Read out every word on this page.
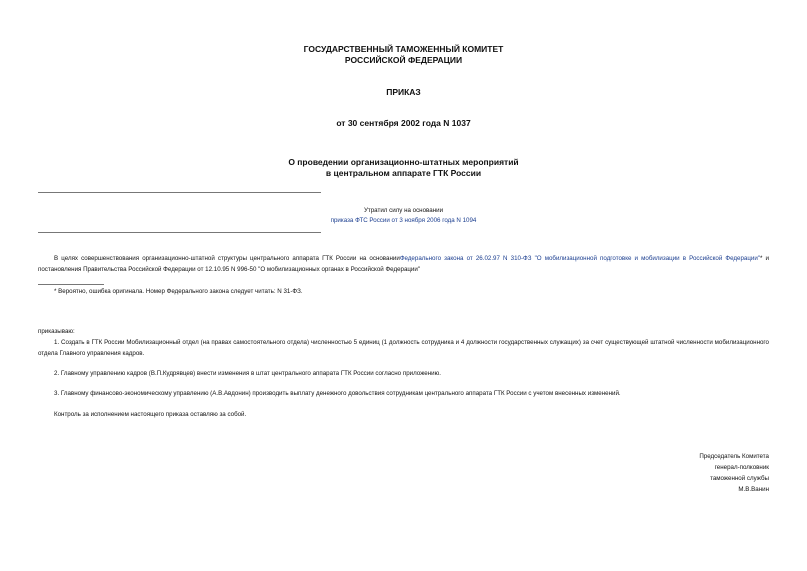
ГОСУДАРСТВЕННЫЙ ТАМОЖЕННЫЙ КОМИТЕТ
РОССИЙСКОЙ ФЕДЕРАЦИИ
ПРИКАЗ
от 30 сентября 2002 года N 1037
О проведении организационно-штатных мероприятий
в центральном аппарате ГТК России
Утратил силу на основании
приказа ФТС России от 3 ноября 2006 года N 1094
В целях совершенствования организационно-штатной структуры центрального аппарата ГТК России на основанииФедерального закона от 26.02.97 N 310-ФЗ "О мобилизационной подготовке и мобилизации в Российской Федерации"* и постановления Правительства Российской Федерации от 12.10.95 N 996-50 "О мобилизационных органах в Российской Федерации"
* Вероятно, ошибка оригинала. Номер Федерального закона следует читать: N 31-ФЗ.
приказываю:
1. Создать в ГТК России Мобилизационный отдел (на правах самостоятельного отдела) численностью 5 единиц (1 должность сотрудника и 4 должности государственных служащих) за счет существующей штатной численности мобилизационного отдела Главного управления кадров.
2. Главному управлению кадров (В.П.Кудрявцев) внести изменения в штат центрального аппарата ГТК России согласно приложению.
3. Главному финансово-экономическому управлению (А.В.Авдонин) производить выплату денежного довольствия сотрудникам центрального аппарата ГТК России с учетом внесенных изменений.
Контроль за исполнением настоящего приказа оставляю за собой.
Председатель Комитета
генерал-полковник
таможенной службы
М.В.Ванин
